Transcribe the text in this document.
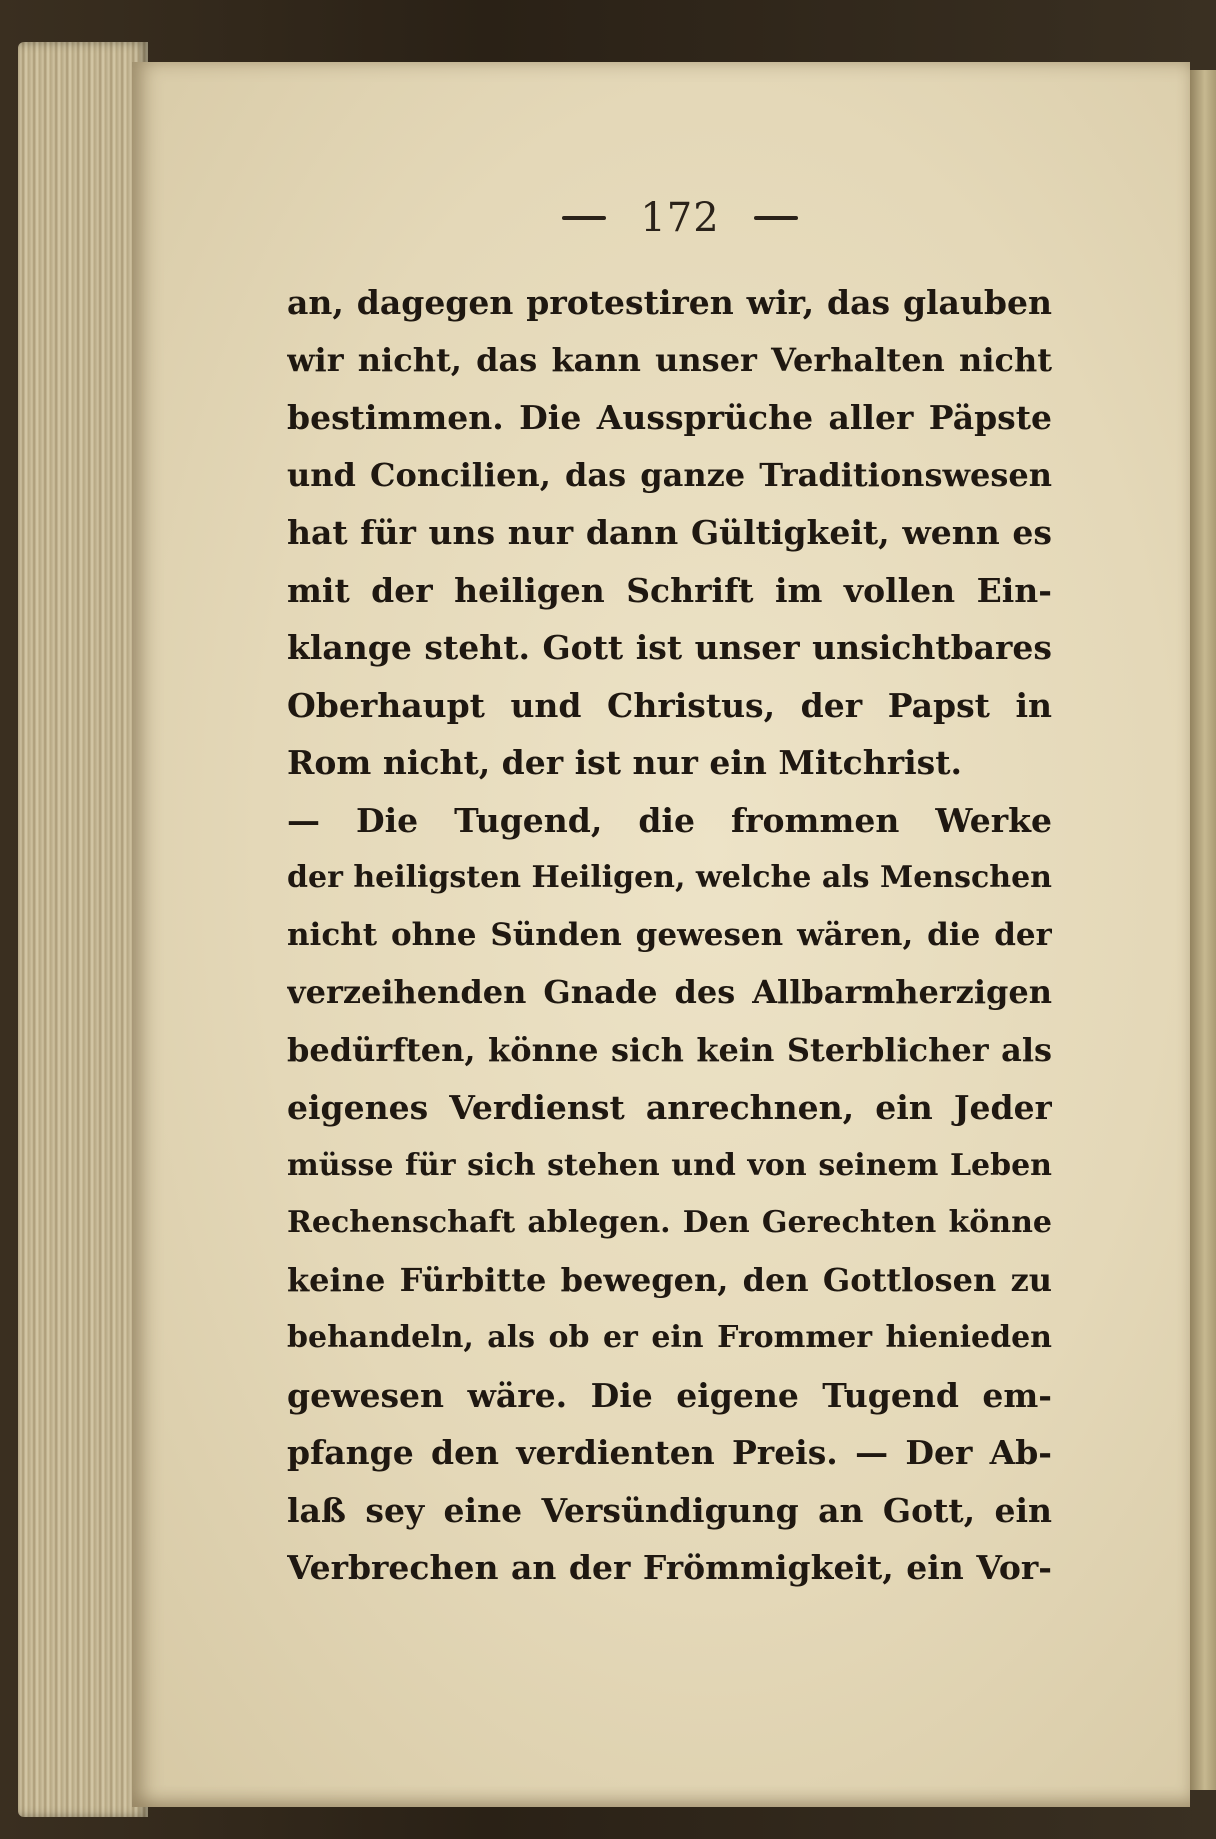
172
an, dagegen protestiren wir, das glauben
wir nicht, das kann unser Verhalten nicht
bestimmen. Die Aussprüche aller Päpste
und Concilien, das ganze Traditionswesen
hat für uns nur dann Gültigkeit, wenn es
mit der heiligen Schrift im vollen Ein-
klange steht. Gott ist unser unsichtbares
Oberhaupt und Christus, der Papst in
Rom nicht, der ist nur ein Mitchrist.
— Die Tugend, die frommen Werke
der heiligsten Heiligen, welche als Menschen
nicht ohne Sünden gewesen wären, die der
verzeihenden Gnade des Allbarmherzigen
bedürften, könne sich kein Sterblicher als
eigenes Verdienst anrechnen, ein Jeder
müsse für sich stehen und von seinem Leben
Rechenschaft ablegen. Den Gerechten könne
keine Fürbitte bewegen, den Gottlosen zu
behandeln, als ob er ein Frommer hienieden
gewesen wäre. Die eigene Tugend em-
pfange den verdienten Preis. — Der Ab-
laß sey eine Versündigung an Gott, ein
Verbrechen an der Frömmigkeit, ein Vor-
